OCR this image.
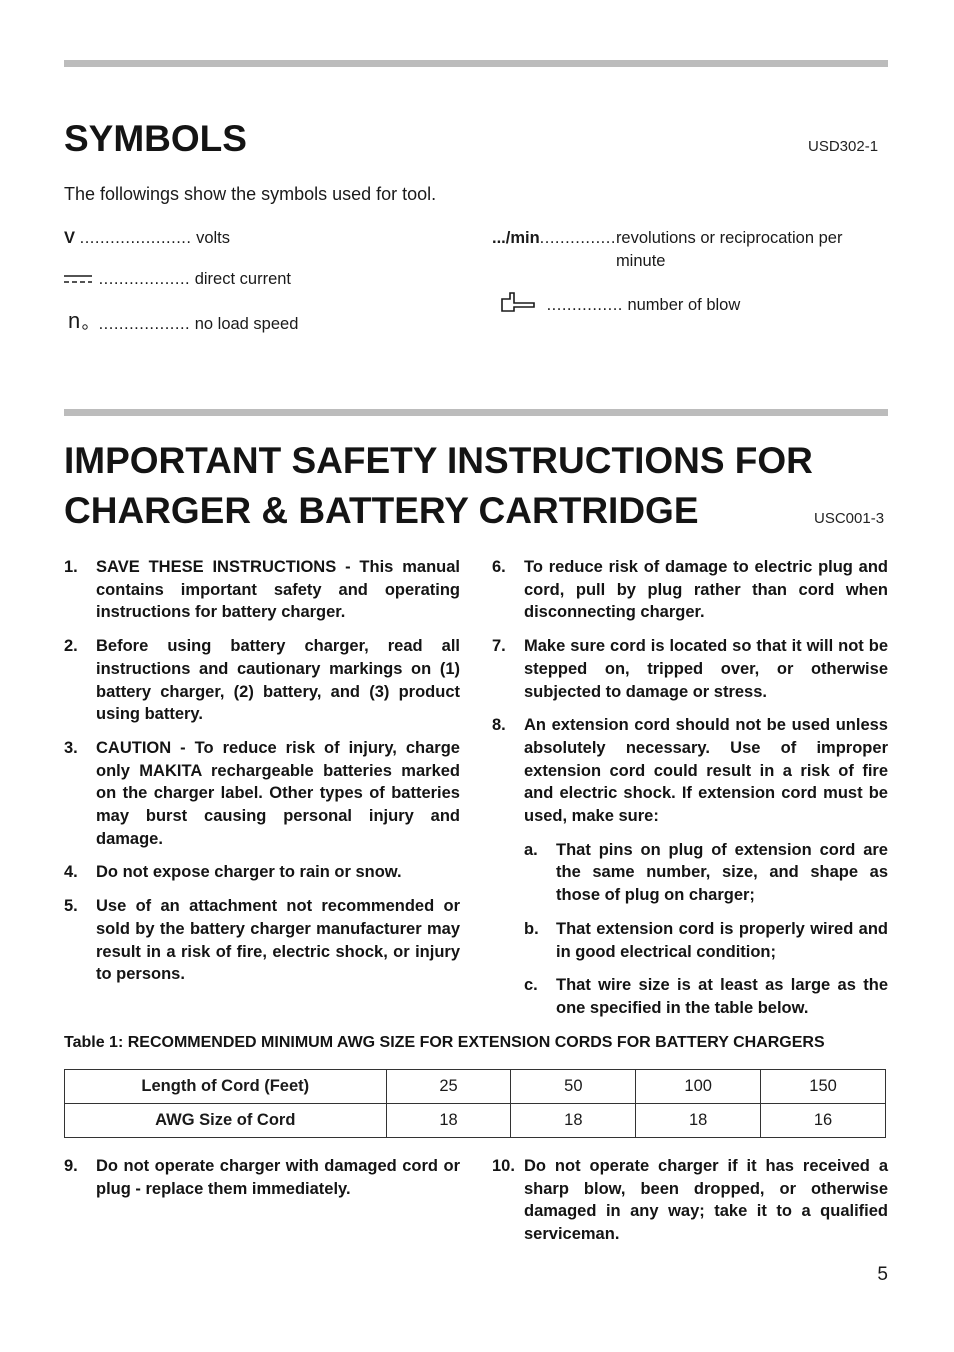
SYMBOLS	USD302-1
The followings show the symbols used for tool.
V ...................... volts
.................. direct current
n .................. no load speed
.../min ............... revolutions or reciprocation per minute
............... number of blow
IMPORTANT SAFETY INSTRUCTIONS FOR
CHARGER & BATTERY CARTRIDGE	USC001-3
1.	SAVE THESE INSTRUCTIONS - This manual contains important safety and operating instructions for battery charger.
2.	Before using battery charger, read all instructions and cautionary markings on (1) battery charger, (2) battery, and (3) product using battery.
3.	CAUTION - To reduce risk of injury, charge only MAKITA rechargeable batteries marked on the charger label. Other types of batteries may burst causing personal injury and damage.
4.	Do not expose charger to rain or snow.
5.	Use of an attachment not recommended or sold by the battery charger manufacturer may result in a risk of fire, electric shock, or injury to persons.
6.	To reduce risk of damage to electric plug and cord, pull by plug rather than cord when disconnecting charger.
7.	Make sure cord is located so that it will not be stepped on, tripped over, or otherwise subjected to damage or stress.
8.	An extension cord should not be used unless absolutely necessary. Use of improper extension cord could result in a risk of fire and electric shock. If extension cord must be used, make sure:
a.	That pins on plug of extension cord are the same number, size, and shape as those of plug on charger;
b.	That extension cord is properly wired and in good electrical condition;
c.	That wire size is at least as large as the one specified in the table below.
Table 1: RECOMMENDED MINIMUM AWG SIZE FOR EXTENSION CORDS FOR BATTERY CHARGERS
Length of Cord (Feet)	25	50	100	150
AWG Size of Cord	18	18	18	16
9.	Do not operate charger with damaged cord or plug - replace them immediately.
10. Do not operate charger if it has received a sharp blow, been dropped, or otherwise damaged in any way; take it to a qualified serviceman.
5
